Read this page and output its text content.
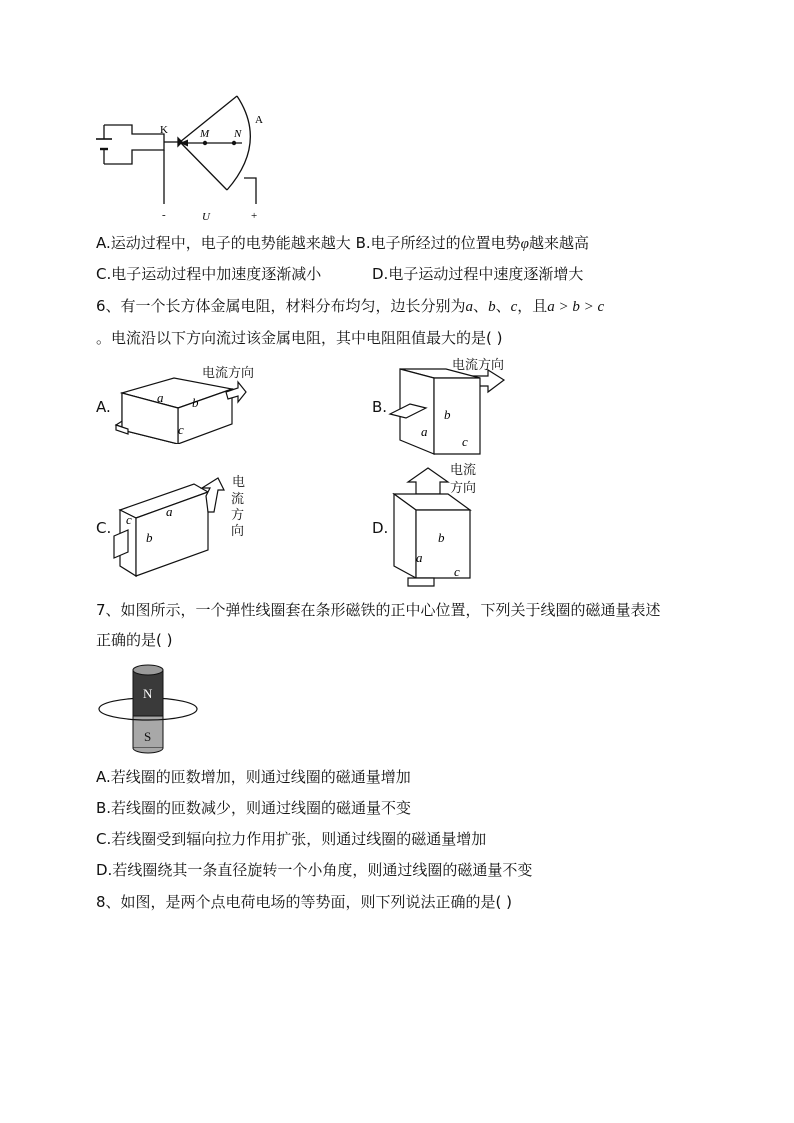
K	M N
A
-	U	+
A.运动过程中，电子的电势能越来越大 B.电子所经过的位置电势φ越来越高
C.电子运动过程中加速度逐渐减小	D.电子运动过程中速度逐渐增大
6、有一个长方体金属电阻，材料分布均匀，边长分别为a、b、c，且a > b > c
。电流沿以下方向流过该金属电阻，其中电阻阻值最大的是( )
A.
电流方向
a b
c
B.
电流方向
a
b
c
C. c
a
b
电
流
方
向	D.
b
a
c
电流
方向
7、如图所示，一个弹性线圈套在条形磁铁的正中心位置，下列关于线圈的磁通量表述
正确的是( )
N
S
A.若线圈的匝数增加，则通过线圈的磁通量增加
B.若线圈的匝数减少，则通过线圈的磁通量不变
C.若线圈受到辐向拉力作用扩张，则通过线圈的磁通量增加
D.若线圈绕其一条直径旋转一个小角度，则通过线圈的磁通量不变
8、如图，是两个点电荷电场的等势面，则下列说法正确的是( )
